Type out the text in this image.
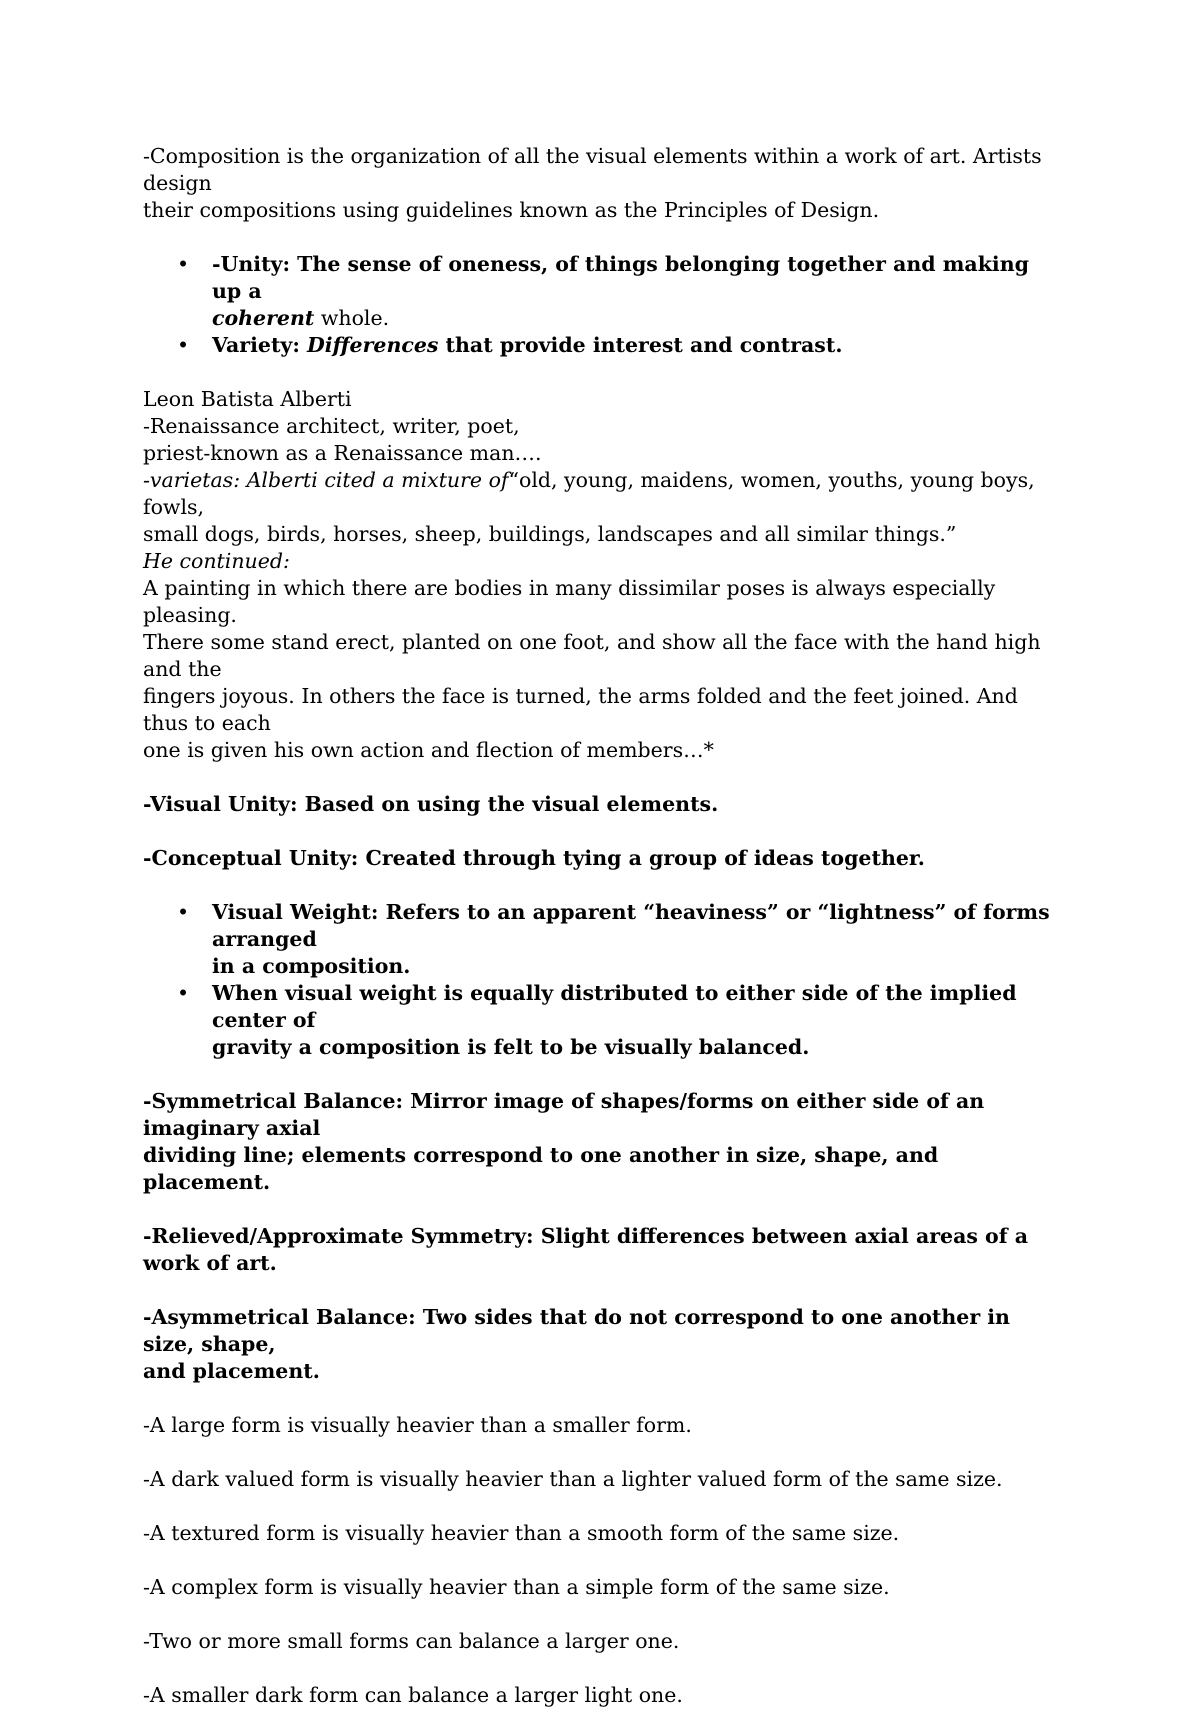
-Composition is the organization of all the visual elements within a work of art. Artists design
their compositions using guidelines known as the Principles of Design.

• -Unity: The sense of oneness, of things belonging together and making up a
coherent whole.
• Variety: Differences that provide interest and contrast.

Leon Batista Alberti
-Renaissance architect, writer, poet,
priest-known as a Renaissance man….
-varietas: Alberti cited a mixture of“old, young, maidens, women, youths, young boys, fowls,
small dogs, birds, horses, sheep, buildings, landscapes and all similar things.”
He continued:
A painting in which there are bodies in many dissimilar poses is always especially pleasing.
There some stand erect, planted on one foot, and show all the face with the hand high and the
fingers joyous. In others the face is turned, the arms folded and the feet joined. And thus to each
one is given his own action and flection of members…*

-Visual Unity: Based on using the visual elements.

-Conceptual Unity: Created through tying a group of ideas together.

• Visual Weight: Refers to an apparent “heaviness” or “lightness” of forms arranged
in a composition.
• When visual weight is equally distributed to either side of the implied center of
gravity a composition is felt to be visually balanced.

-Symmetrical Balance: Mirror image of shapes/forms on either side of an imaginary axial
dividing line; elements correspond to one another in size, shape, and placement.

-Relieved/Approximate Symmetry: Slight differences between axial areas of a work of art.

-Asymmetrical Balance: Two sides that do not correspond to one another in size, shape,
and placement.

-A large form is visually heavier than a smaller form.

-A dark valued form is visually heavier than a lighter valued form of the same size.

-A textured form is visually heavier than a smooth form of the same size.

-A complex form is visually heavier than a simple form of the same size.

-Two or more small forms can balance a larger one.

-A smaller dark form can balance a larger light one.
